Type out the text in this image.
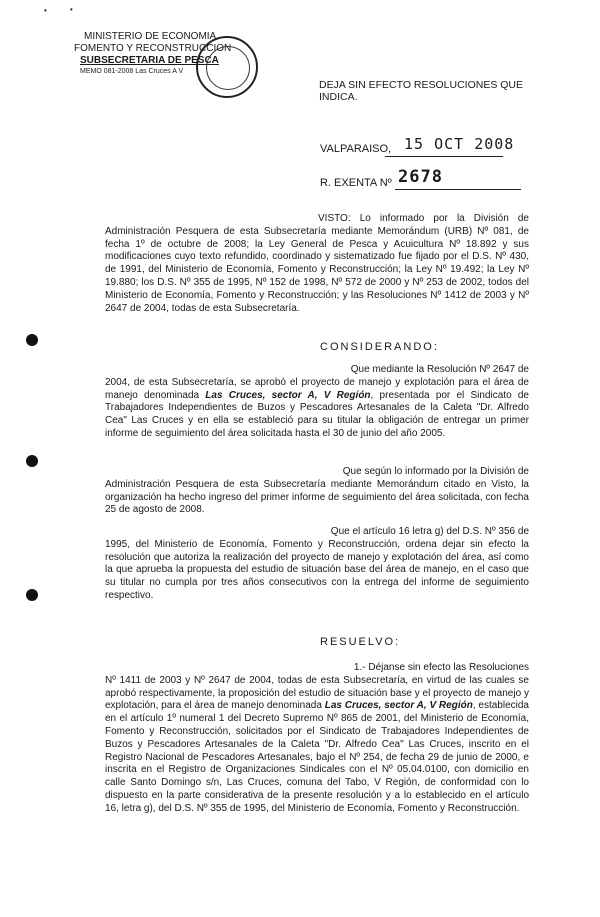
•	•
MINISTERIO DE ECONOMIA
FOMENTO Y RECONSTRUCCION
SUBSECRETARIA DE PESCA
MEMO 081-2008 Las Cruces A V
DEJA SIN EFECTO RESOLUCIONES QUE INDICA.
VALPARAISO, 15 OCT 2008
R. EXENTA Nº 2678
VISTO: Lo informado por la División de Administración Pesquera de esta Subsecretaría mediante Memorándum (URB) Nº 081, de fecha 1º de octubre de 2008; la Ley General de Pesca y Acuicultura Nº 18.892 y sus modificaciones cuyo texto refundido, coordinado y sistematizado fue fijado por el D.S. Nº 430, de 1991, del Ministerio de Economía, Fomento y Reconstrucción; la Ley Nº 19.492; la Ley Nº 19.880; los D.S. Nº 355 de 1995, Nº 152 de 1998, Nº 572 de 2000 y Nº 253 de 2002, todos del Ministerio de Economía, Fomento y Reconstrucción; y las Resoluciones Nº 1412 de 2003 y Nº 2647 de 2004, todas de esta Subsecretaría.
CONSIDERANDO:
Que mediante la Resolución Nº 2647 de
2004, de esta Subsecretaría, se aprobó el proyecto de manejo y explotación para el área de manejo denominada Las Cruces, sector A, V Región, presentada por el Sindicato de Trabajadores Independientes de Buzos y Pescadores Artesanales de la Caleta "Dr. Alfredo Cea" Las Cruces y en ella se estableció para su titular la obligación de entregar un primer informe de seguimiento del área solicitada hasta el 30 de junio del año 2005.
Que según lo informado por la División de
Administración Pesquera de esta Subsecretaría mediante Memorándum citado en Visto, la organización ha hecho ingreso del primer informe de seguimiento del área solicitada, con fecha 25 de agosto de 2008.
Que el artículo 16 letra g) del D.S. Nº 356 de
1995, del Ministerio de Economía, Fomento y Reconstrucción, ordena dejar sin efecto la resolución que autoriza la realización del proyecto de manejo y explotación del área, así como la que aprueba la propuesta del estudio de situación base del área de manejo, en el caso que su titular no cumpla por tres años consecutivos con la entrega del informe de seguimiento respectivo.
RESUELVO:
1.- Déjanse sin efecto las Resoluciones
Nº 1411 de 2003 y Nº 2647 de 2004, todas de esta Subsecretaría, en virtud de las cuales se aprobó respectivamente, la proposición del estudio de situación base y el proyecto de manejo y explotación, para el área de manejo denominada Las Cruces, sector A, V Región, establecida en el artículo 1º numeral 1 del Decreto Supremo Nº 865 de 2001, del Ministerio de Economía, Fomento y Reconstrucción, solicitados por el Sindicato de Trabajadores Independientes de Buzos y Pescadores Artesanales de la Caleta "Dr. Alfredo Cea" Las Cruces, inscrito en el Registro Nacional de Pescadores Artesanales, bajo el Nº 254, de fecha 29 de junio de 2000, e inscrita en el Registro de Organizaciones Sindicales con el Nº 05.04.0100, con domicilio en calle Santo Domingo s/n, Las Cruces, comuna del Tabo, V Región, de conformidad con lo dispuesto en la parte considerativa de la presente resolución y a lo establecido en el artículo 16, letra g), del D.S. Nº 355 de 1995, del Ministerio de Economía, Fomento y Reconstrucción.
